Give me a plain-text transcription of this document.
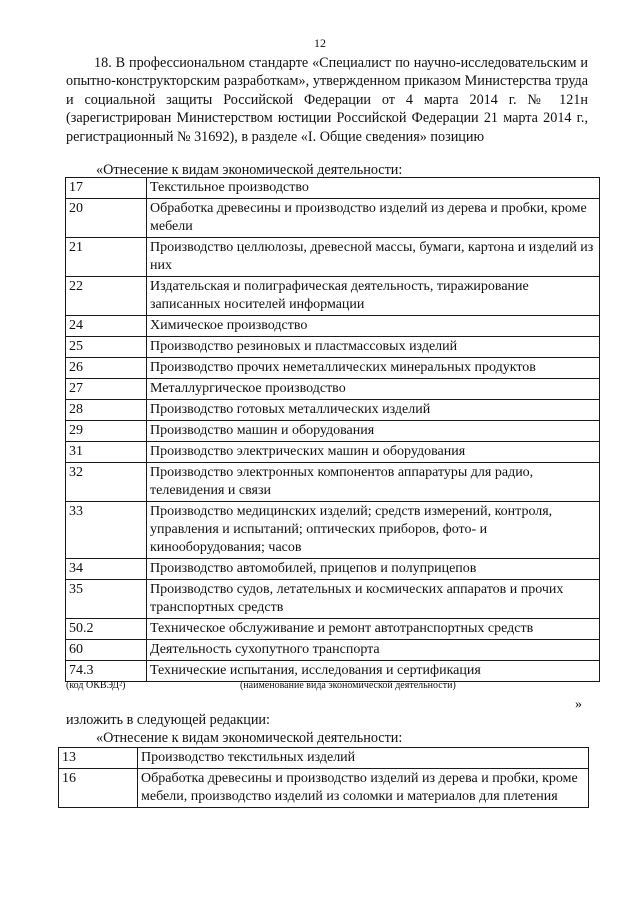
12
18. В профессиональном стандарте «Специалист по научно-исследовательским и опытно-конструкторским разработкам», утвержденном приказом Министерства труда и социальной защиты Российской Федерации от 4 марта 2014 г. № 121н (зарегистрирован Министерством юстиции Российской Федерации 21 марта 2014 г., регистрационный № 31692), в разделе «I. Общие сведения» позицию
«Отнесение к видам экономической деятельности:
17	Текстильное производство
20	Обработка древесины и производство изделий из дерева и пробки, кроме мебели
21	Производство целлюлозы, древесной массы, бумаги, картона и изделий из них
22	Издательская и полиграфическая деятельность, тиражирование записанных носителей информации
24	Химическое производство
25	Производство резиновых и пластмассовых изделий
26	Производство прочих неметаллических минеральных продуктов
27	Металлургическое производство
28	Производство готовых металлических изделий
29	Производство машин и оборудования
31	Производство электрических машин и оборудования
32	Производство электронных компонентов аппаратуры для радио, телевидения и связи
33	Производство медицинских изделий; средств измерений, контроля, управления и испытаний; оптических приборов, фото- и кинооборудования; часов
34	Производство автомобилей, прицепов и полуприцепов
35	Производство судов, летательных и космических аппаратов и прочих транспортных средств
50.2	Техническое обслуживание и ремонт автотранспортных средств
60	Деятельность сухопутного транспорта
74.3	Технические испытания, исследования и сертификация
(код ОКВЭД²)	(наименование вида экономической деятельности)
»
изложить в следующей редакции:
«Отнесение к видам экономической деятельности:
13	Производство текстильных изделий
16	Обработка древесины и производство изделий из дерева и пробки, кроме мебели, производство изделий из соломки и материалов для плетения
